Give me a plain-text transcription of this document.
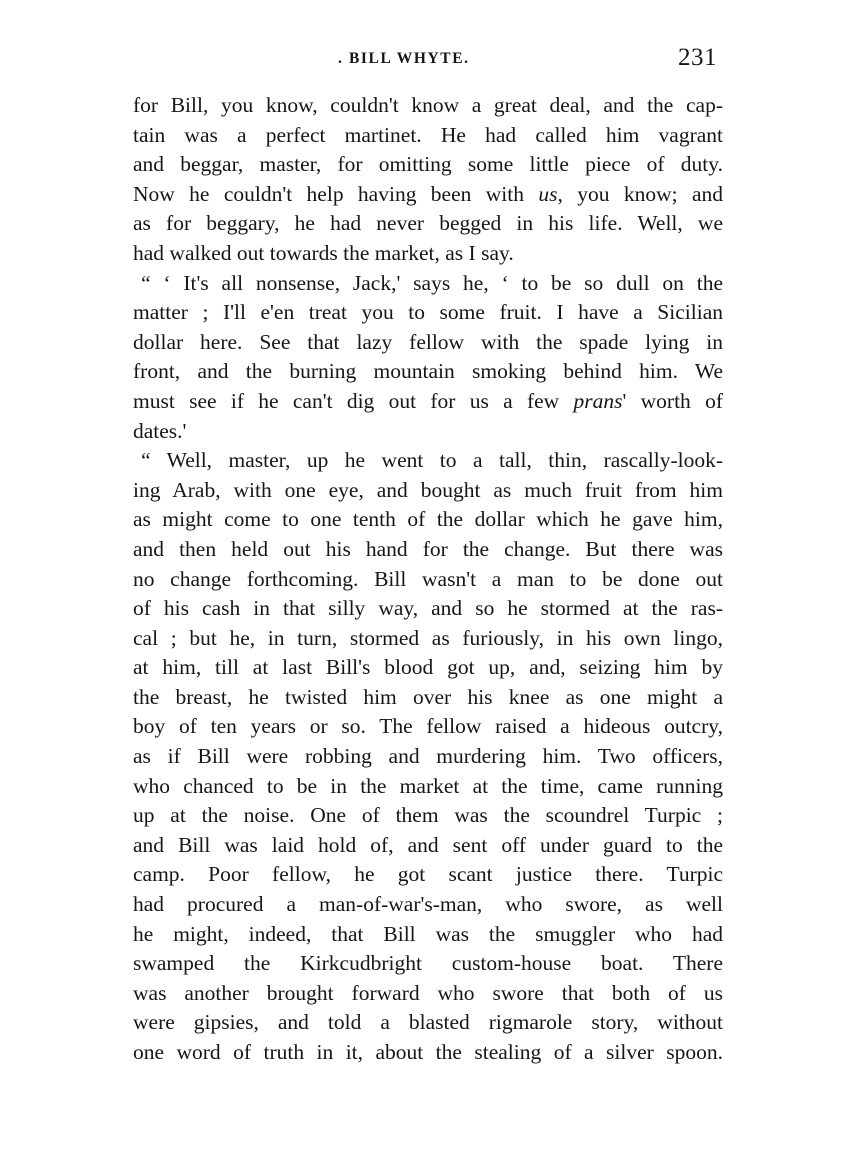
. BILL WHYTE.	231
for Bill, you know, couldn't know a great deal, and the cap-
tain was a perfect martinet. He had called him vagrant
and beggar, master, for omitting some little piece of duty.
Now he couldn't help having been with us, you know; and
as for beggary, he had never begged in his life. Well, we
had walked out towards the market, as I say.
“ ‘ It's all nonsense, Jack,' says he, ‘ to be so dull on the
matter ; I'll e'en treat you to some fruit. I have a Sicilian
dollar here. See that lazy fellow with the spade lying in
front, and the burning mountain smoking behind him. We
must see if he can't dig out for us a few prans' worth of
dates.'
“ Well, master, up he went to a tall, thin, rascally-look-
ing Arab, with one eye, and bought as much fruit from him
as might come to one tenth of the dollar which he gave him,
and then held out his hand for the change. But there was
no change forthcoming. Bill wasn't a man to be done out
of his cash in that silly way, and so he stormed at the ras-
cal ; but he, in turn, stormed as furiously, in his own lingo,
at him, till at last Bill's blood got up, and, seizing him by
the breast, he twisted him over his knee as one might a
boy of ten years or so. The fellow raised a hideous outcry,
as if Bill were robbing and murdering him. Two officers,
who chanced to be in the market at the time, came running
up at the noise. One of them was the scoundrel Turpic ;
and Bill was laid hold of, and sent off under guard to the
camp. Poor fellow, he got scant justice there. Turpic
had procured a man-of-war's-man, who swore, as well
he might, indeed, that Bill was the smuggler who had
swamped the Kirkcudbright custom-house boat. There
was another brought forward who swore that both of us
were gipsies, and told a blasted rigmarole story, without
one word of truth in it, about the stealing of a silver spoon.
